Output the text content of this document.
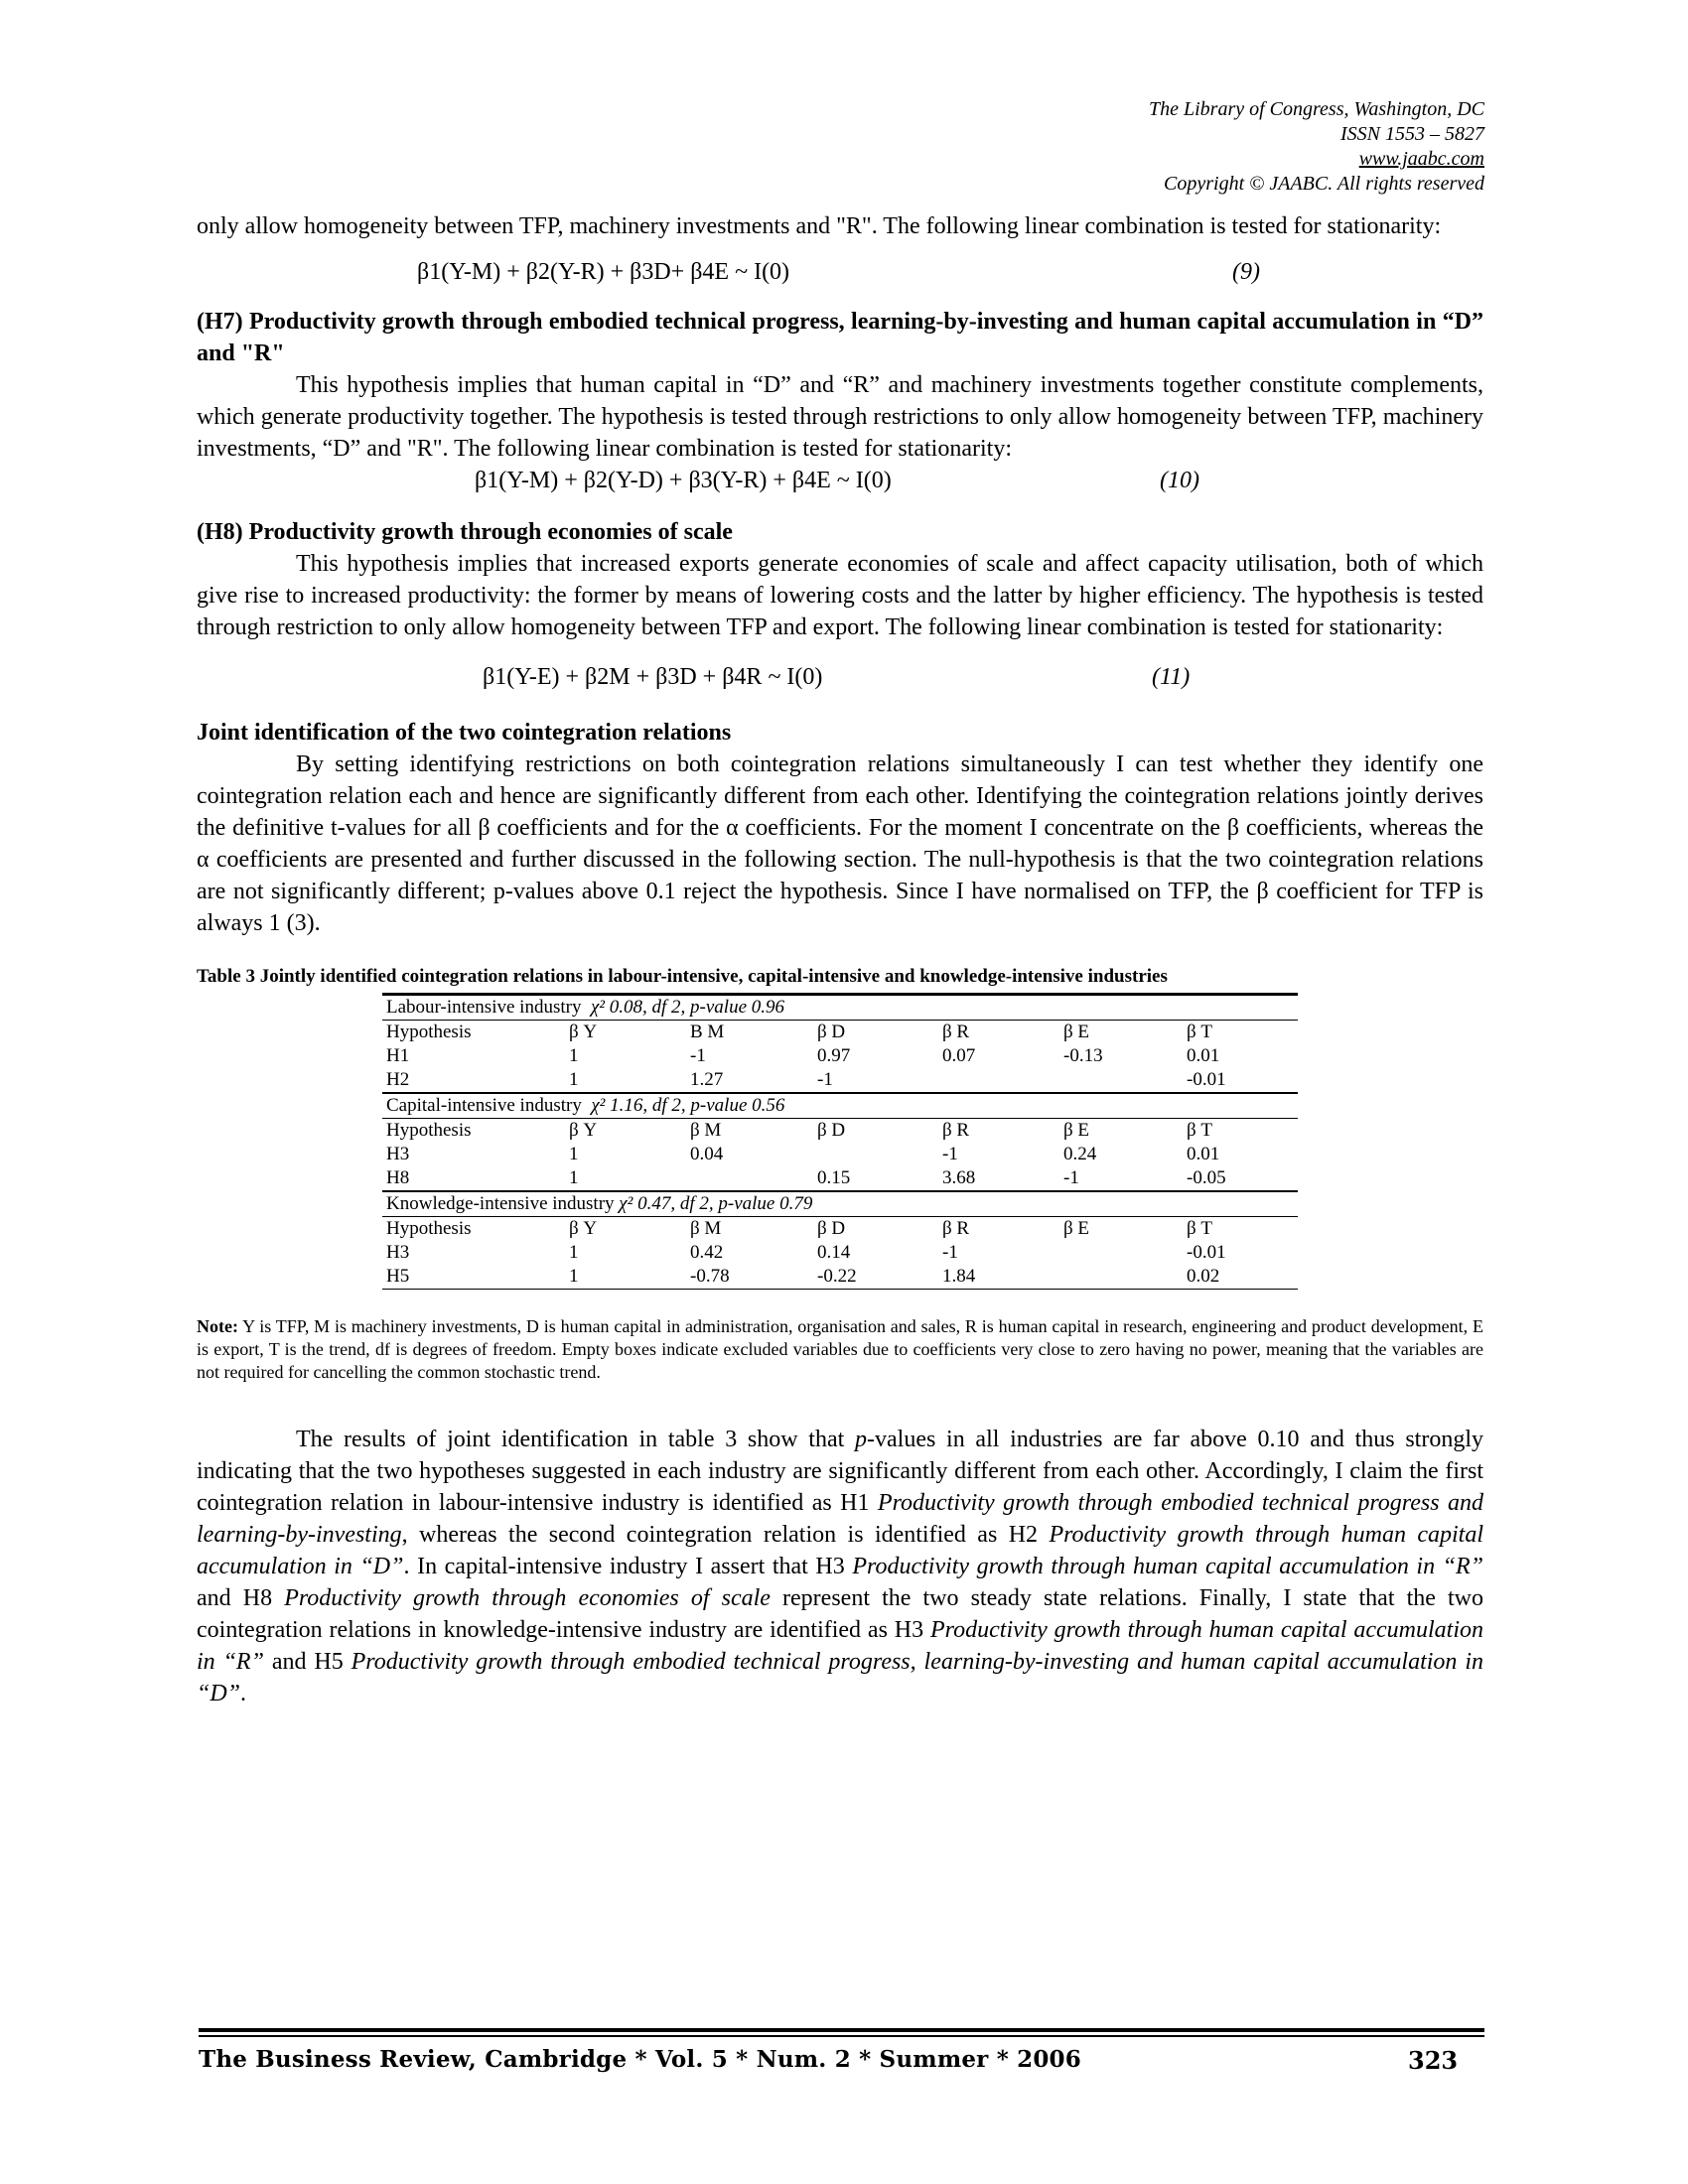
The Library of Congress, Washington, DC
ISSN 1553 – 5827
www.jaabc.com
Copyright © JAABC. All rights reserved

only allow homogeneity between TFP, machinery investments and "R". The following linear combination is tested for stationarity:

β1(Y-M) + β2(Y-R) + β3D+ β4E ~ I(0)	(9)

(H7) Productivity growth through embodied technical progress, learning-by-investing and human capital accumulation in “D” and "R"

This hypothesis implies that human capital in “D” and “R” and machinery investments together constitute complements, which generate productivity together. The hypothesis is tested through restrictions to only allow homogeneity between TFP, machinery investments, “D” and "R". The following linear combination is tested for stationarity:

β1(Y-M) + β2(Y-D) + β3(Y-R) + β4E ~ I(0)	(10)

(H8) Productivity growth through economies of scale

This hypothesis implies that increased exports generate economies of scale and affect capacity utilisation, both of which give rise to increased productivity: the former by means of lowering costs and the latter by higher efficiency. The hypothesis is tested through restriction to only allow homogeneity between TFP and export. The following linear combination is tested for stationarity:

β1(Y-E) + β2M + β3D + β4R ~ I(0)	(11)

Joint identification of the two cointegration relations

By setting identifying restrictions on both cointegration relations simultaneously I can test whether they identify one cointegration relation each and hence are significantly different from each other. Identifying the cointegration relations jointly derives the definitive t-values for all β coefficients and for the α coefficients. For the moment I concentrate on the β coefficients, whereas the α coefficients are presented and further discussed in the following section. The null-hypothesis is that the two cointegration relations are not significantly different; p-values above 0.1 reject the hypothesis. Since I have normalised on TFP, the β coefficient for TFP is always 1 (3).

Table 3 Jointly identified cointegration relations in labour-intensive, capital-intensive and knowledge-intensive industries

Labour-intensive industry χ² 0.08, df 2, p-value 0.96						
Hypothesis	β Y	B M	β D	β R	β E	β T
H1	1	-1	0.97	0.07	-0.13	0.01
H2	1	1.27	-1			-0.01
Capital-intensive industry χ² 1.16, df 2, p-value 0.56						
Hypothesis	β Y	β M	β D	β R	β E	β T
H3	1	0.04		-1	0.24	0.01
H8	1		0.15	3.68	-1	-0.05
Knowledge-intensive industry χ² 0.47, df 2, p-value 0.79						
Hypothesis	β Y	β M	β D	β R	β E	β T
H3	1	0.42	0.14	-1		-0.01
H5	1	-0.78	-0.22	1.84		0.02

Note: Y is TFP, M is machinery investments, D is human capital in administration, organisation and sales, R is human capital in research, engineering and product development, E is export, T is the trend, df is degrees of freedom. Empty boxes indicate excluded variables due to coefficients very close to zero having no power, meaning that the variables are not required for cancelling the common stochastic trend.

The results of joint identification in table 3 show that p-values in all industries are far above 0.10 and thus strongly indicating that the two hypotheses suggested in each industry are significantly different from each other. Accordingly, I claim the first cointegration relation in labour-intensive industry is identified as H1 Productivity growth through embodied technical progress and learning-by-investing, whereas the second cointegration relation is identified as H2 Productivity growth through human capital accumulation in “D”. In capital-intensive industry I assert that H3 Productivity growth through human capital accumulation in “R” and H8 Productivity growth through economies of scale represent the two steady state relations. Finally, I state that the two cointegration relations in knowledge-intensive industry are identified as H3 Productivity growth through human capital accumulation in “R” and H5 Productivity growth through embodied technical progress, learning-by-investing and human capital accumulation in “D”.

The Business Review, Cambridge * Vol. 5 * Num. 2 * Summer * 2006	323
